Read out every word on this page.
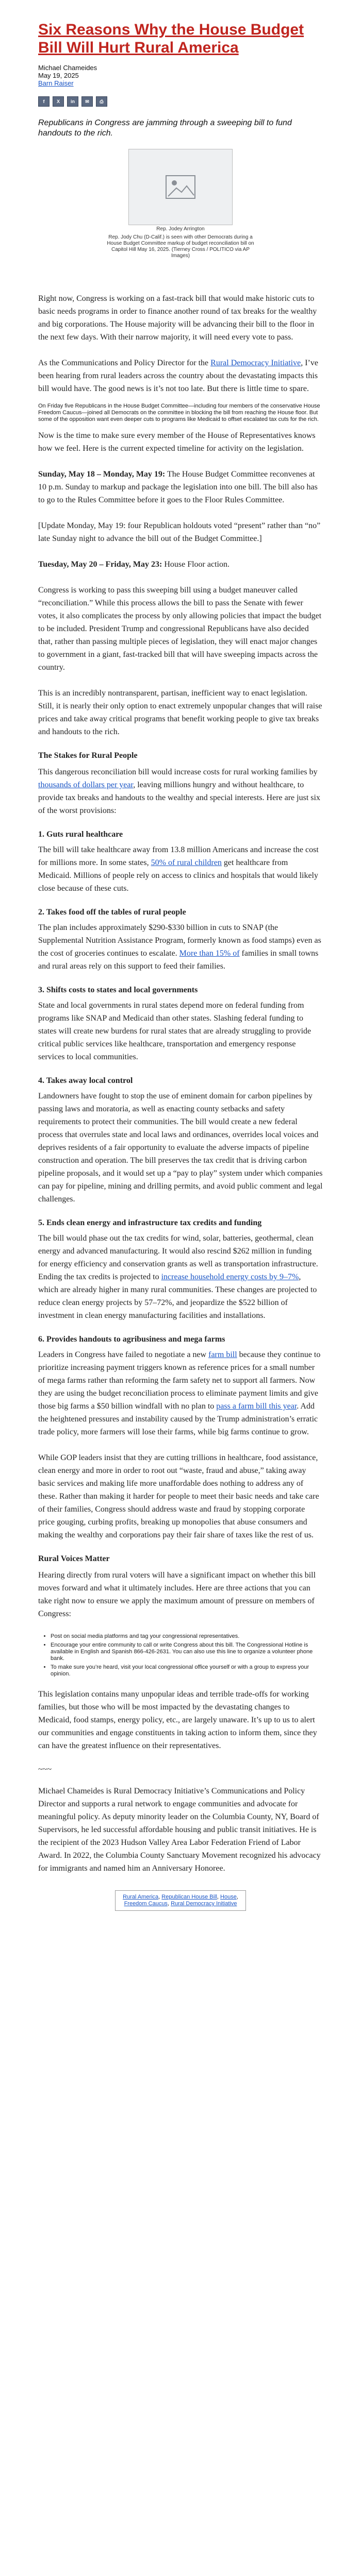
Six Reasons Why the House Budget Bill Will Hurt Rural America
Michael Chameides
May 19, 2025
Barn Raiser
f	X	in	✉	⎙
Republicans in Congress are jamming through a sweeping bill to fund handouts to the rich.
Rep. Jodey Arrington
Rep. Jody Chu (D-Calif.) is seen with other Democrats during a House Budget Committee markup of budget reconciliation bill on Capitol Hill May 16, 2025. (Tierney Cross / POLITICO via AP Images)

Right now, Congress is working on a fast-track bill that would make historic cuts to basic needs programs in order to finance another round of tax breaks for the wealthy and big corporations. The House majority will be advancing their bill to the floor in the next few days. With their narrow majority, it will need every vote to pass.

As the Communications and Policy Director for the Rural Democracy Initiative, I’ve been hearing from rural leaders across the country about the devastating impacts this bill would have. The good news is it’s not too late. But there is little time to spare.

On Friday five Republicans in the House Budget Committee—including four members of the conservative House Freedom Caucus—joined all Democrats on the committee in blocking the bill from reaching the House floor. But some of the opposition want even deeper cuts to programs like Medicaid to offset escalated tax cuts for the rich.

Now is the time to make sure every member of the House of Representatives knows how we feel. Here is the current expected timeline for activity on the legislation.

Sunday, May 18 – Monday, May 19: The House Budget Committee reconvenes at 10 p.m. Sunday to markup and package the legislation into one bill. The bill also has to go to the Rules Committee before it goes to the Floor Rules Committee.

[Update Monday, May 19: four Republican holdouts voted “present” rather than “no” late Sunday night to advance the bill out of the Budget Committee.]

Tuesday, May 20 – Friday, May 23: House Floor action.

Congress is working to pass this sweeping bill using a budget maneuver called “reconciliation.” While this process allows the bill to pass the Senate with fewer votes, it also complicates the process by only allowing policies that impact the budget to be included. President Trump and congressional Republicans have also decided that, rather than passing multiple pieces of legislation, they will enact major changes to government in a giant, fast-tracked bill that will have sweeping impacts across the country.

This is an incredibly nontransparent, partisan, inefficient way to enact legislation. Still, it is nearly their only option to enact extremely unpopular changes that will raise prices and take away critical programs that benefit working people to give tax breaks and handouts to the rich.

The Stakes for Rural People

This dangerous reconciliation bill would increase costs for rural working families by thousands of dollars per year, leaving millions hungry and without healthcare, to provide tax breaks and handouts to the wealthy and special interests. Here are just six of the worst provisions:

1. Guts rural healthcare

The bill will take healthcare away from 13.8 million Americans and increase the cost for millions more. In some states, 50% of rural children get healthcare from Medicaid. Millions of people rely on access to clinics and hospitals that would likely close because of these cuts.

2. Takes food off the tables of rural people

The plan includes approximately $290-$330 billion in cuts to SNAP (the Supplemental Nutrition Assistance Program, formerly known as food stamps) even as the cost of groceries continues to escalate. More than 15% of families in small towns and rural areas rely on this support to feed their families.

3. Shifts costs to states and local governments

State and local governments in rural states depend more on federal funding from programs like SNAP and Medicaid than other states. Slashing federal funding to states will create new burdens for rural states that are already struggling to provide critical public services like healthcare, transportation and emergency response services to local communities.

4. Takes away local control

Landowners have fought to stop the use of eminent domain for carbon pipelines by passing laws and moratoria, as well as enacting county setbacks and safety requirements to protect their communities. The bill would create a new federal process that overrules state and local laws and ordinances, overrides local voices and deprives residents of a fair opportunity to evaluate the adverse impacts of pipeline construction and operation. The bill preserves the tax credit that is driving carbon pipeline proposals, and it would set up a “pay to play” system under which companies can pay for pipeline, mining and drilling permits, and avoid public comment and legal challenges.

5. Ends clean energy and infrastructure tax credits and funding

The bill would phase out the tax credits for wind, solar, batteries, geothermal, clean energy and advanced manufacturing. It would also rescind $262 million in funding for energy efficiency and conservation grants as well as transportation infrastructure. Ending the tax credits is projected to increase household energy costs by 9–7%, which are already higher in many rural communities. These changes are projected to reduce clean energy projects by 57–72%, and jeopardize the $522 billion of investment in clean energy manufacturing facilities and installations.

6. Provides handouts to agribusiness and mega farms

Leaders in Congress have failed to negotiate a new farm bill because they continue to prioritize increasing payment triggers known as reference prices for a small number of mega farms rather than reforming the farm safety net to support all farmers. Now they are using the budget reconciliation process to eliminate payment limits and give those big farms a $50 billion windfall with no plan to pass a farm bill this year. Add the heightened pressures and instability caused by the Trump administration’s erratic trade policy, more farmers will lose their farms, while big farms continue to grow.

While GOP leaders insist that they are cutting trillions in healthcare, food assistance, clean energy and more in order to root out “waste, fraud and abuse,” taking away basic services and making life more unaffordable does nothing to address any of these. Rather than making it harder for people to meet their basic needs and take care of their families, Congress should address waste and fraud by stopping corporate price gouging, curbing profits, breaking up monopolies that abuse consumers and making the wealthy and corporations pay their fair share of taxes like the rest of us.

Rural Voices Matter

Hearing directly from rural voters will have a significant impact on whether this bill moves forward and what it ultimately includes. Here are three actions that you can take right now to ensure we apply the maximum amount of pressure on members of Congress:

• Post on social media platforms and tag your congressional representatives.
• Encourage your entire community to call or write Congress about this bill. The Congressional Hotline is available in English and Spanish 866-426-2631. You can also use this line to organize a volunteer phone bank.
• To make sure you’re heard, visit your local congressional office yourself or with a group to express your opinion.

This legislation contains many unpopular ideas and terrible trade-offs for working families, but those who will be most impacted by the devastating changes to Medicaid, food stamps, energy policy, etc., are largely unaware. It’s up to us to alert our communities and engage constituents in taking action to inform them, since they can have the greatest influence on their representatives.

~~~

Michael Chameides is Rural Democracy Initiative’s Communications and Policy Director and supports a rural network to engage communities and advocate for meaningful policy. As deputy minority leader on the Columbia County, NY, Board of Supervisors, he led successful affordable housing and public transit initiatives. He is the recipient of the 2023 Hudson Valley Area Labor Federation Friend of Labor Award. In 2022, the Columbia County Sanctuary Movement recognized his advocacy for immigrants and named him an Anniversary Honoree.

Rural America, Republican House Bill, House, Freedom Caucus, Rural Democracy Initiative
